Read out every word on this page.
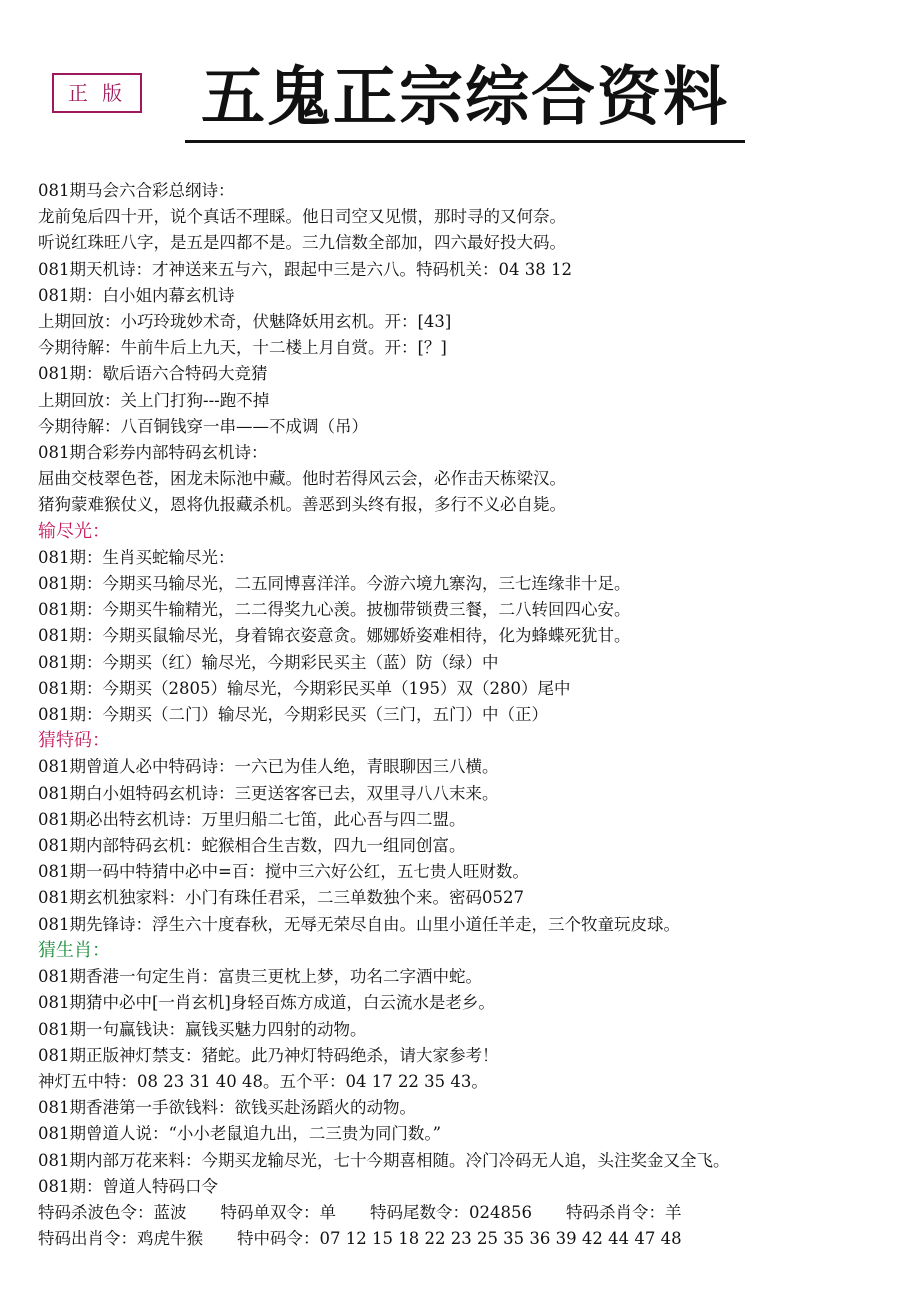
正 版 五鬼正宗综合资料

081期马会六合彩总纲诗：

龙前兔后四十开，说个真话不理睬。他日司空又见惯，那时寻的又何奈。

听说红珠旺八字，是五是四都不是。三九信数全部加，四六最好投大码。

081期天机诗：才神送来五与六，跟起中三是六八。特码机关：04 38 12

081期：白小姐内幕玄机诗

上期回放：小巧玲珑妙术奇，伏魅降妖用玄机。开：[43]

今期待解：牛前牛后上九天，十二楼上月自赏。开：[？]

081期：歇后语六合特码大竞猜

上期回放：关上门打狗---跑不掉

今期待解：八百铜钱穿一串——不成调（吊）

081期合彩券内部特码玄机诗：

屈曲交枝翠色苍，困龙未际池中藏。他时若得风云会，必作击天栋梁汉。

猪狗蒙难猴仗义，恩将仇报藏杀机。善恶到头终有报，多行不义必自毙。

输尽光：

081期：生肖买蛇输尽光：

081期：今期买马输尽光，二五同博喜洋洋。今游六境九寨沟，三七连缘非十足。

081期：今期买牛输精光，二二得奖九心羡。披枷带锁费三餐，二八转回四心安。

081期：今期买鼠输尽光，身着锦衣姿意贪。娜娜娇姿难相待，化为蜂蝶死犹甘。

081期：今期买（红）输尽光，今期彩民买主（蓝）防（绿）中

081期：今期买（2805）输尽光，今期彩民买单（195）双（280）尾中

081期：今期买（二门）输尽光，今期彩民买（三门，五门）中（正）

猜特码：

081期曾道人必中特码诗：一六已为佳人绝，青眼聊因三八横。

081期白小姐特码玄机诗：三更送客客已去，双里寻八八末来。

081期必出特玄机诗：万里归船二七笛，此心吾与四二盟。

081期内部特码玄机：蛇猴相合生吉数，四九一组同创富。

081期一码中特猜中必中=百：搅中三六好公红，五七贵人旺财数。

081期玄机独家料：小门有珠任君采，二三单数独个来。密码0527

081期先锋诗：浮生六十度春秋，无辱无荣尽自由。山里小道任羊走，三个牧童玩皮球。

猜生肖：

081期香港一句定生肖：富贵三更枕上梦，功名二字酒中蛇。

081期猜中必中[一肖玄机]身轻百炼方成道，白云流水是老乡。

081期一句赢钱诀：赢钱买魅力四射的动物。

081期正版神灯禁支：猪蛇。此乃神灯特码绝杀，请大家参考！

神灯五中特：08 23 31 40 48。五个平：04 17 22 35 43。

081期香港第一手欲钱料：欲钱买赴汤蹈火的动物。

081期曾道人说：“小小老鼠追九出，二三贵为同门数。”

081期内部万花来料：今期买龙输尽光，七十今期喜相随。冷门冷码无人追，头注奖金又全飞。

081期：曾道人特码口令

特码杀波色令：蓝波 特码单双令：单 特码尾数令：024856 特码杀肖令：羊

特码出肖令：鸡虎牛猴 特中码令：07 12 15 18 22 23 25 35 36 39 42 44 47 48
